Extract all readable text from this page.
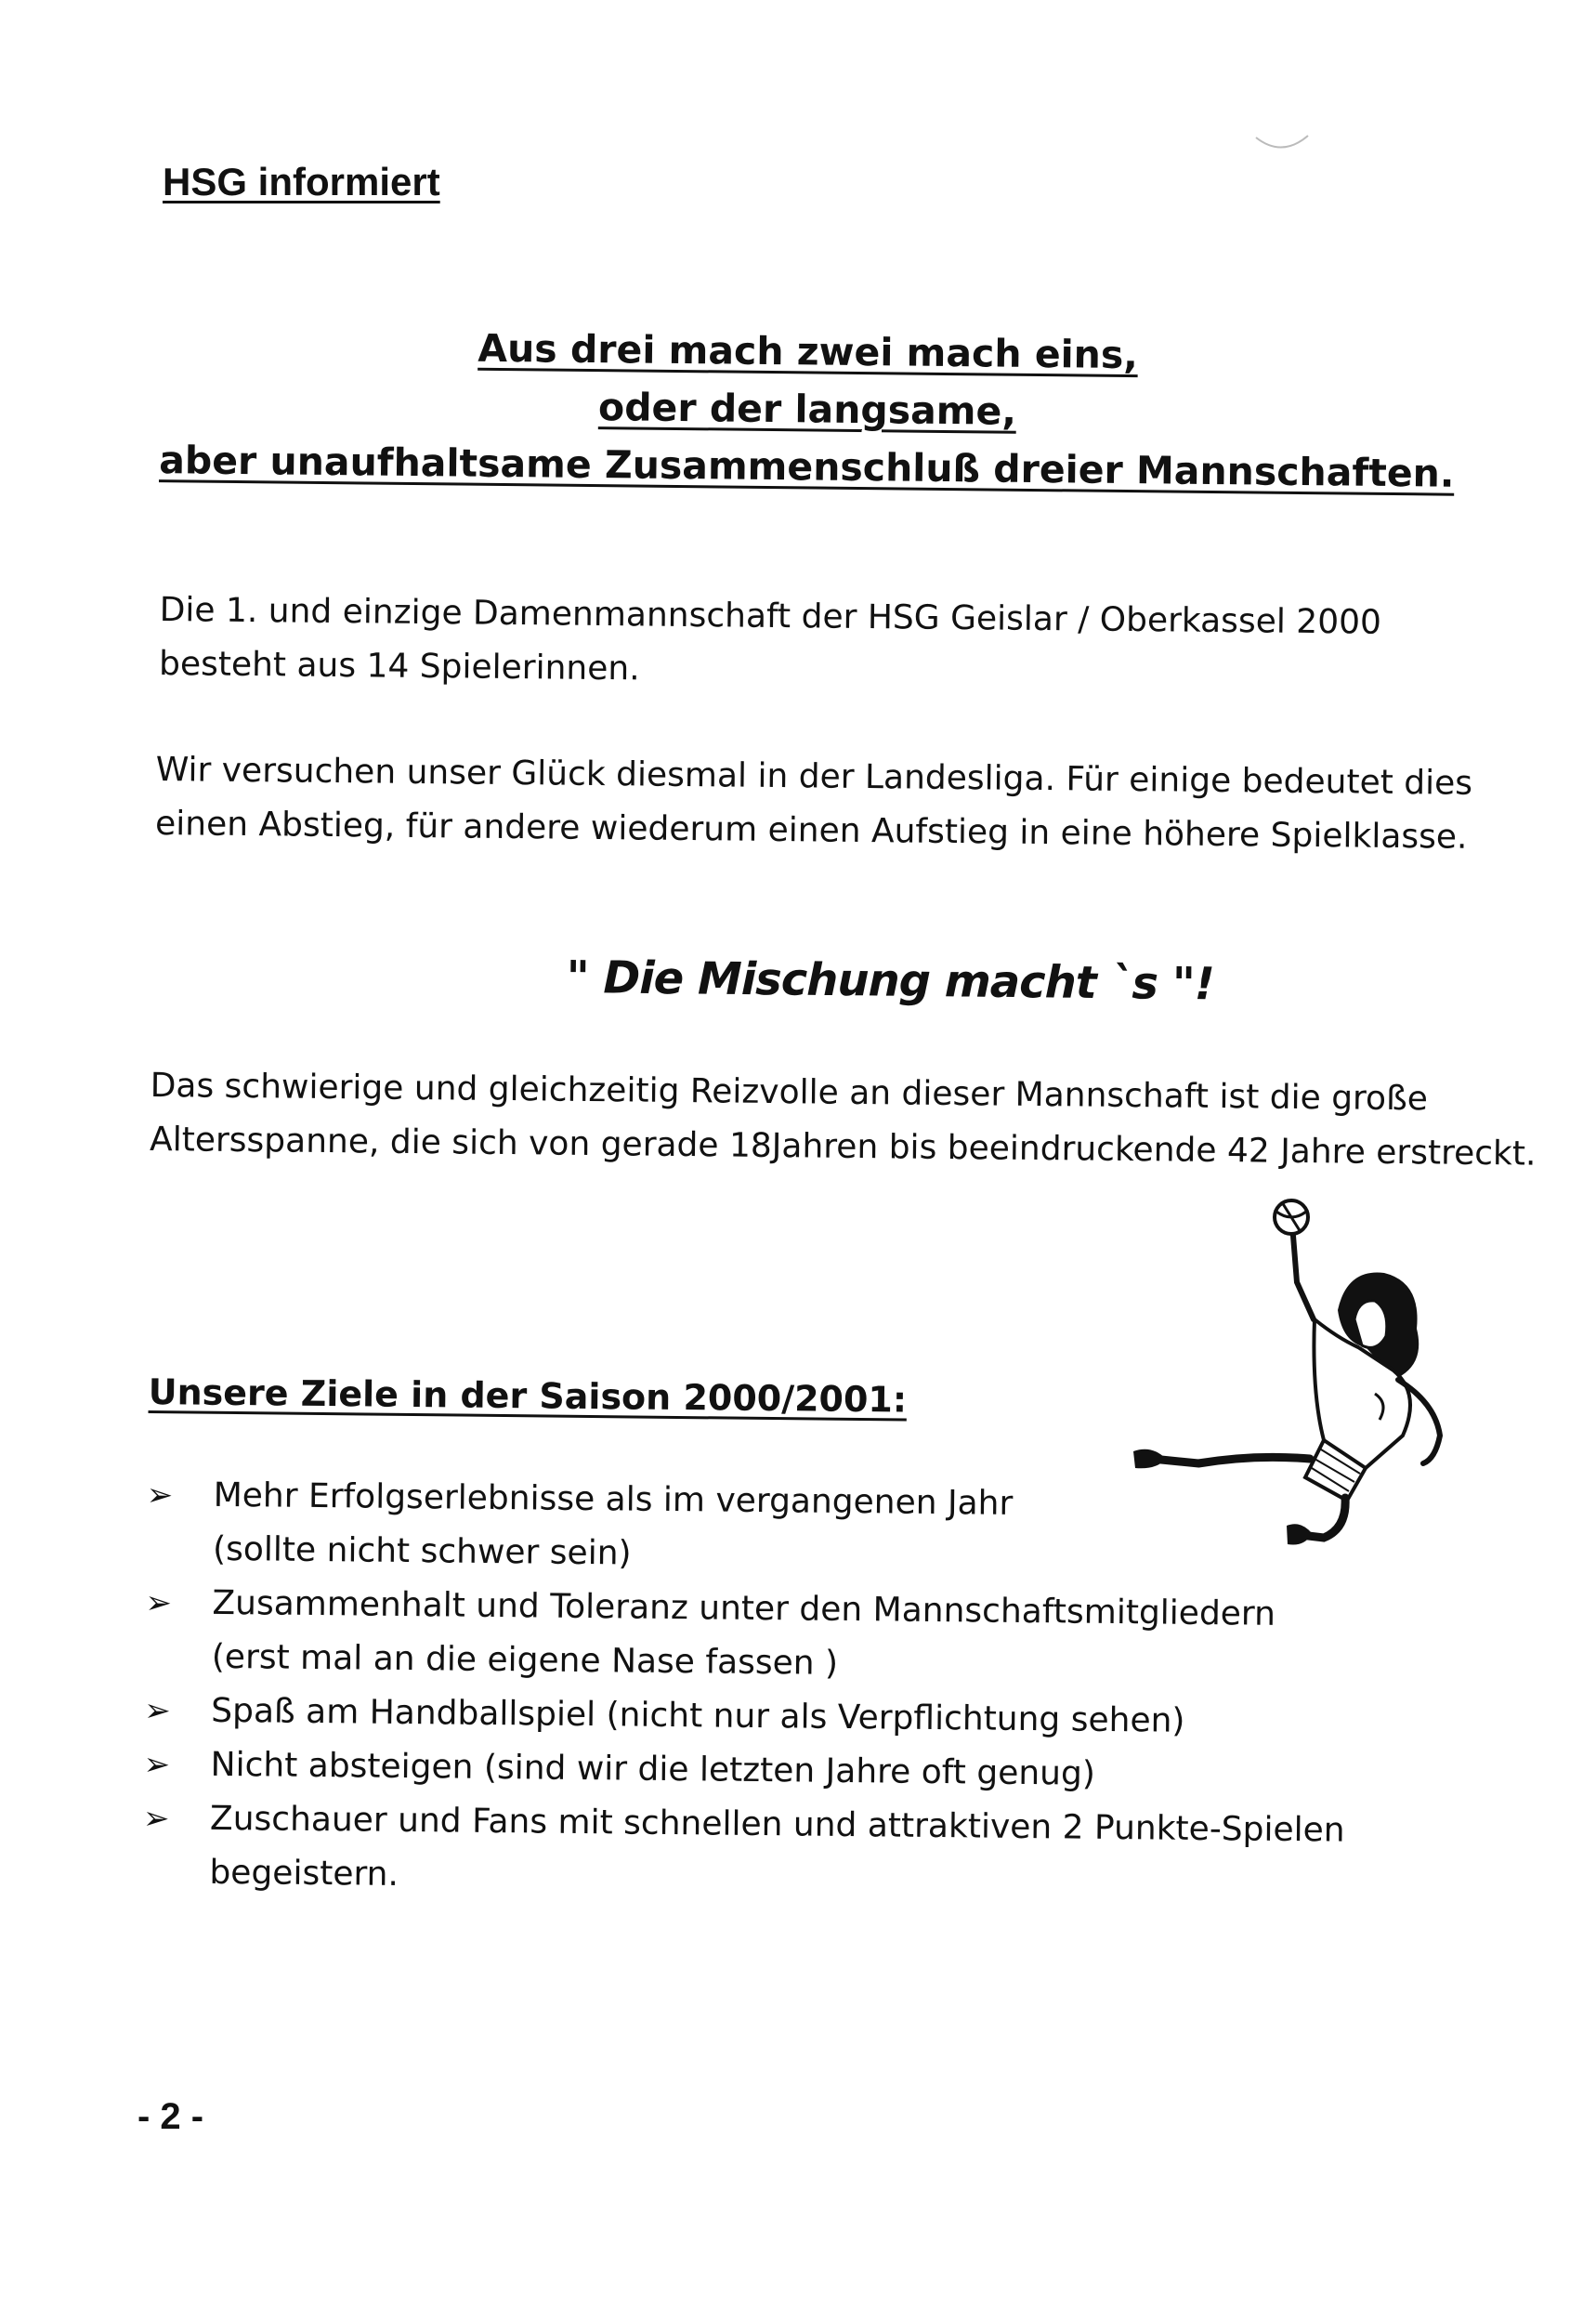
HSG informiert
Aus drei mach zwei mach eins,
oder der langsame,
aber unaufhaltsame Zusammenschluß dreier Mannschaften.
Die 1. und einzige Damenmannschaft der HSG Geislar / Oberkassel 2000 besteht aus 14 Spielerinnen.
Wir versuchen unser Glück diesmal in der Landesliga. Für einige bedeutet dies einen Abstieg, für andere wiederum einen Aufstieg in eine höhere Spielklasse.
" Die Mischung macht `s "!
Das schwierige und gleichzeitig Reizvolle an dieser Mannschaft ist die große Altersspanne, die sich von gerade 18Jahren bis beeindruckende 42 Jahre erstreckt.
Unsere Ziele in der Saison 2000/2001:
➢ Mehr Erfolgserlebnisse als im vergangenen Jahr
(sollte nicht schwer sein)
➢ Zusammenhalt und Toleranz unter den Mannschaftsmitgliedern
(erst mal an die eigene Nase fassen )
➢ Spaß am Handballspiel (nicht nur als Verpflichtung sehen)
➢ Nicht absteigen (sind wir die letzten Jahre oft genug)
➢ Zuschauer und Fans mit schnellen und attraktiven 2 Punkte-Spielen
begeistern.
- 2 -
